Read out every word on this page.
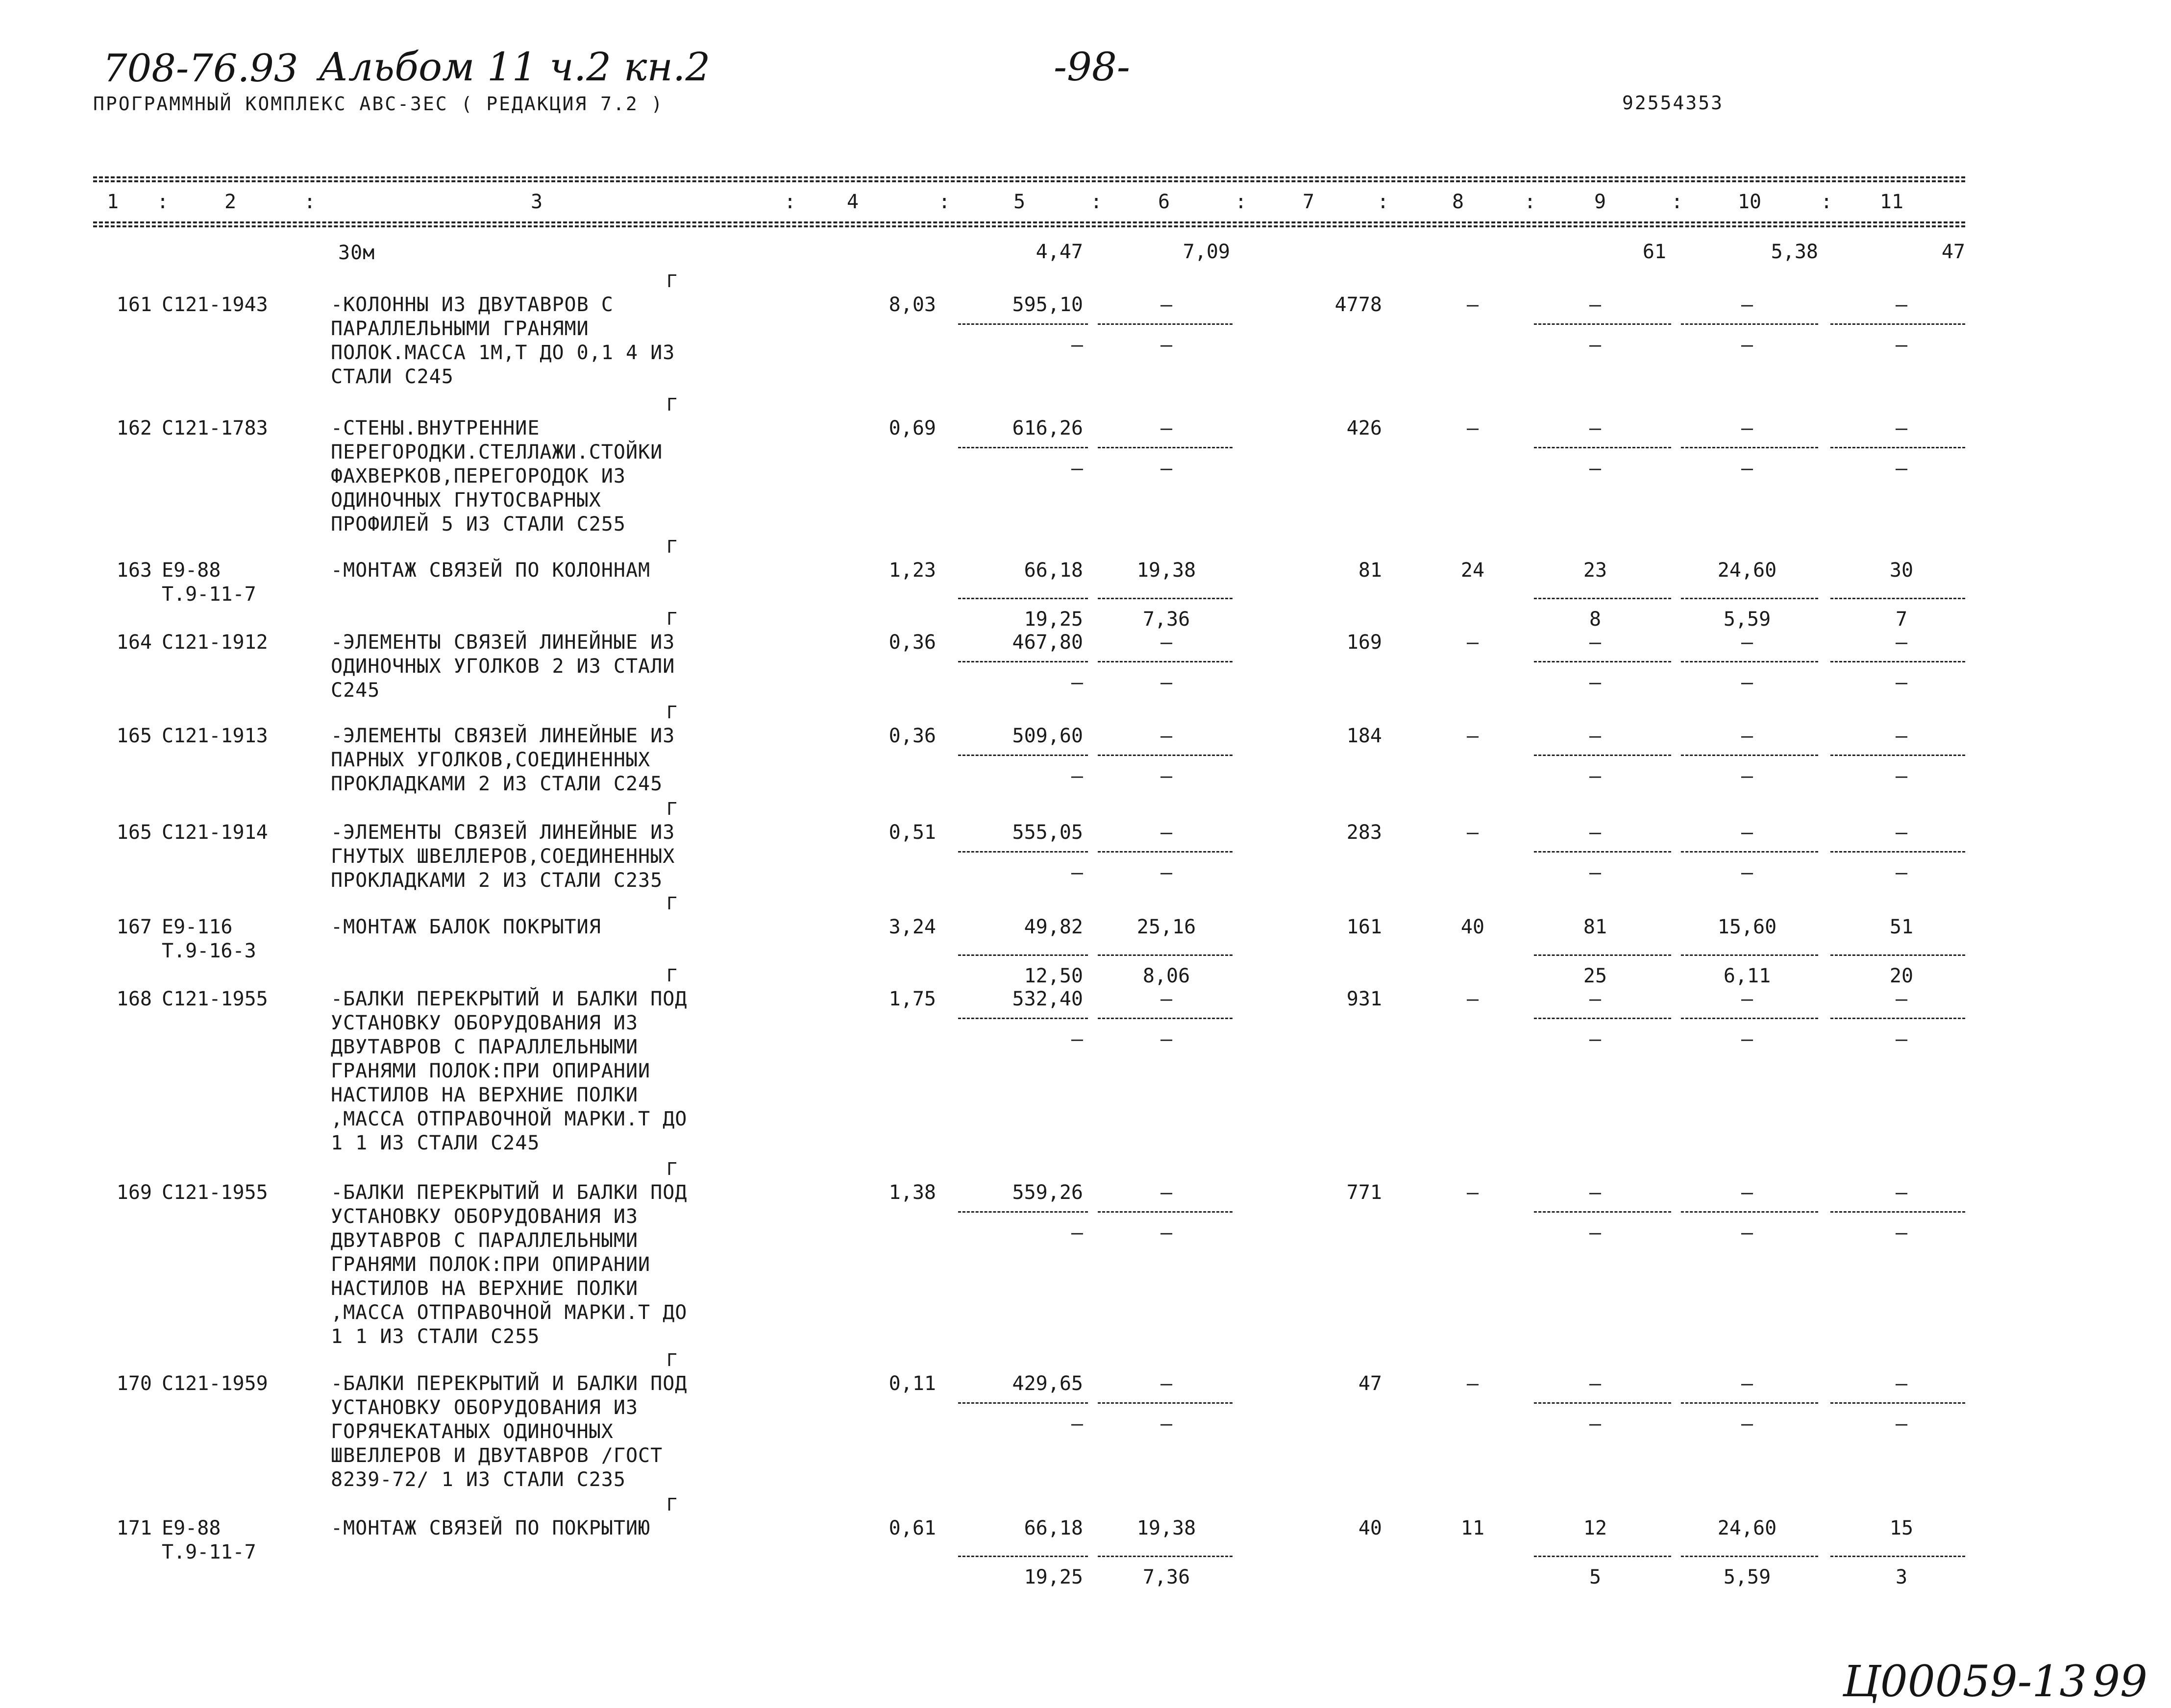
708-76.93 Альбом 11 ч.2 кн.2	-98-
ПРОГРАММНЫЙ КОМПЛЕКС АВС-3ЕС ( РЕДАКЦИЯ 7.2 )	92554353
1	2	3	4	5	6	7	8	9	10	11
:	:	:	:	:	:	:	:	:	:
30м	4,47	7,09	61	5,38	47
Г
161 С121-1943	-КОЛОННЫ ИЗ ДВУТАВРОВ С
ПАРАЛЛЕЛЬНЫМИ ГРАНЯМИ
ПОЛОК.МАССА 1М,Т ДО 0,1 4 ИЗ
СТАЛИ С245
8,03	595,10	–	4778	–	–	–	–
–	–	–	–	–
Г
162 С121-1783	-СТЕНЫ.ВНУТРЕННИЕ
ПЕРЕГОРОДКИ.СТЕЛЛАЖИ.СТОЙКИ
ФАХВЕРКОВ,ПЕРЕГОРОДОК ИЗ
ОДИНОЧНЫХ ГНУТОСВАРНЫХ
ПРОФИЛЕЙ 5 ИЗ СТАЛИ С255
0,69	616,26	–	426	–	–	–	–
–	–	–	–	–
Г
163 Е9-88
Т.9-11-7
-МОНТАЖ СВЯЗЕЙ ПО КОЛОННАМ	1,23	66,18	19,38	81	24	23	24,60	30
19,25	7,36	8	5,59	7
Г
164 С121-1912	-ЭЛЕМЕНТЫ СВЯЗЕЙ ЛИНЕЙНЫЕ ИЗ
ОДИНОЧНЫХ УГОЛКОВ 2 ИЗ СТАЛИ
С245
0,36	467,80	–	169	–	–	–	–
–	–	–	–	–
Г
165 С121-1913	-ЭЛЕМЕНТЫ СВЯЗЕЙ ЛИНЕЙНЫЕ ИЗ
ПАРНЫХ УГОЛКОВ,СОЕДИНЕННЫХ
ПРОКЛАДКАМИ 2 ИЗ СТАЛИ С245
0,36	509,60	–	184	–	–	–	–
–	–	–	–	–
Г
165 С121-1914	-ЭЛЕМЕНТЫ СВЯЗЕЙ ЛИНЕЙНЫЕ ИЗ
ГНУТЫХ ШВЕЛЛЕРОВ,СОЕДИНЕННЫХ
ПРОКЛАДКАМИ 2 ИЗ СТАЛИ С235
0,51	555,05	–	283	–	–	–	–
–	–	–	–	–
Г
167 Е9-116
Т.9-16-3
-МОНТАЖ БАЛОК ПОКРЫТИЯ	3,24	49,82	25,16	161	40	81	15,60	51
12,50	8,06	25	6,11	20
Г
168 С121-1955	-БАЛКИ ПЕРЕКРЫТИЙ И БАЛКИ ПОД
УСТАНОВКУ ОБОРУДОВАНИЯ ИЗ
ДВУТАВРОВ С ПАРАЛЛЕЛЬНЫМИ
ГРАНЯМИ ПОЛОК:ПРИ ОПИРАНИИ
НАСТИЛОВ НА ВЕРХНИЕ ПОЛКИ
,МАССА ОТПРАВОЧНОЙ МАРКИ.Т ДО
1 1 ИЗ СТАЛИ С245
1,75	532,40	–	931	–	–	–	–
–	–	–	–	–
Г
169 С121-1955	-БАЛКИ ПЕРЕКРЫТИЙ И БАЛКИ ПОД
УСТАНОВКУ ОБОРУДОВАНИЯ ИЗ
ДВУТАВРОВ С ПАРАЛЛЕЛЬНЫМИ
ГРАНЯМИ ПОЛОК:ПРИ ОПИРАНИИ
НАСТИЛОВ НА ВЕРХНИЕ ПОЛКИ
,МАССА ОТПРАВОЧНОЙ МАРКИ.Т ДО
1 1 ИЗ СТАЛИ С255
1,38	559,26	–	771	–	–	–	–
–	–	–	–	–
Г
170 С121-1959	-БАЛКИ ПЕРЕКРЫТИЙ И БАЛКИ ПОД
УСТАНОВКУ ОБОРУДОВАНИЯ ИЗ
ГОРЯЧЕКАТАНЫХ ОДИНОЧНЫХ
ШВЕЛЛЕРОВ И ДВУТАВРОВ /ГОСТ
8239-72/ 1 ИЗ СТАЛИ С235
0,11	429,65	–	47	–	–	–	–
–	–	–	–	–
Г
171 Е9-88
Т.9-11-7
-МОНТАЖ СВЯЗЕЙ ПО ПОКРЫТИЮ	0,61	66,18	19,38	40	11	12	24,60	15
19,25	7,36	5	5,59	3
Ц00059-13 99
